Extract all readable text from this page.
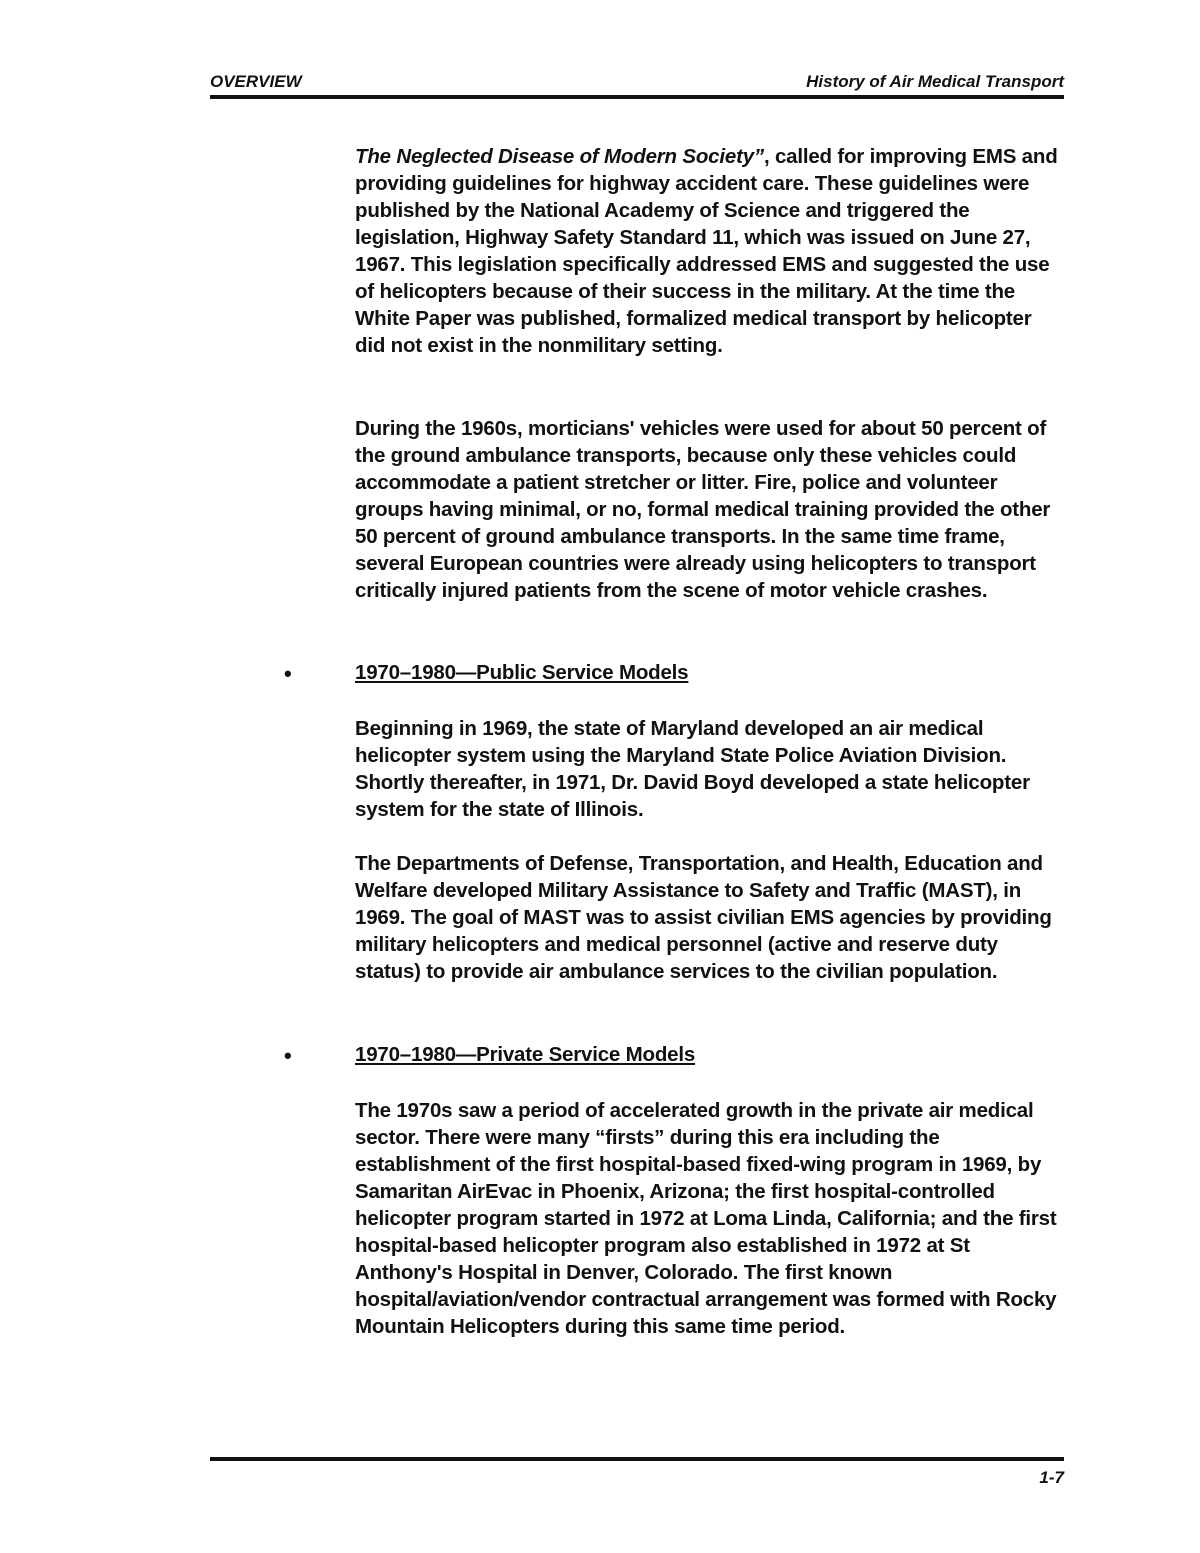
OVERVIEW	History of Air Medical Transport

The Neglected Disease of Modern Society”, called for improving EMS and providing guidelines for highway accident care. These guidelines were published by the National Academy of Science and triggered the legislation, Highway Safety Standard 11, which was issued on June 27, 1967. This legislation specifically addressed EMS and suggested the use of helicopters because of their success in the military. At the time the White Paper was published, formalized medical transport by helicopter did not exist in the nonmilitary setting.

During the 1960s, morticians' vehicles were used for about 50 percent of the ground ambulance transports, because only these vehicles could accommodate a patient stretcher or litter. Fire, police and volunteer groups having minimal, or no, formal medical training provided the other 50 percent of ground ambulance transports. In the same time frame, several European countries were already using helicopters to transport critically injured patients from the scene of motor vehicle crashes.

•	1970–1980—Public Service Models

Beginning in 1969, the state of Maryland developed an air medical helicopter system using the Maryland State Police Aviation Division. Shortly thereafter, in 1971, Dr. David Boyd developed a state helicopter system for the state of Illinois.

The Departments of Defense, Transportation, and Health, Education and Welfare developed Military Assistance to Safety and Traffic (MAST), in 1969. The goal of MAST was to assist civilian EMS agencies by providing military helicopters and medical personnel (active and reserve duty status) to provide air ambulance services to the civilian population.

•	1970–1980—Private Service Models

The 1970s saw a period of accelerated growth in the private air medical sector. There were many “firsts” during this era including the establishment of the first hospital-based fixed-wing program in 1969, by Samaritan AirEvac in Phoenix, Arizona; the first hospital-controlled helicopter program started in 1972 at Loma Linda, California; and the first hospital-based helicopter program also established in 1972 at St Anthony's Hospital in Denver, Colorado. The first known hospital/aviation/vendor contractual arrangement was formed with Rocky Mountain Helicopters during this same time period.

1-7
